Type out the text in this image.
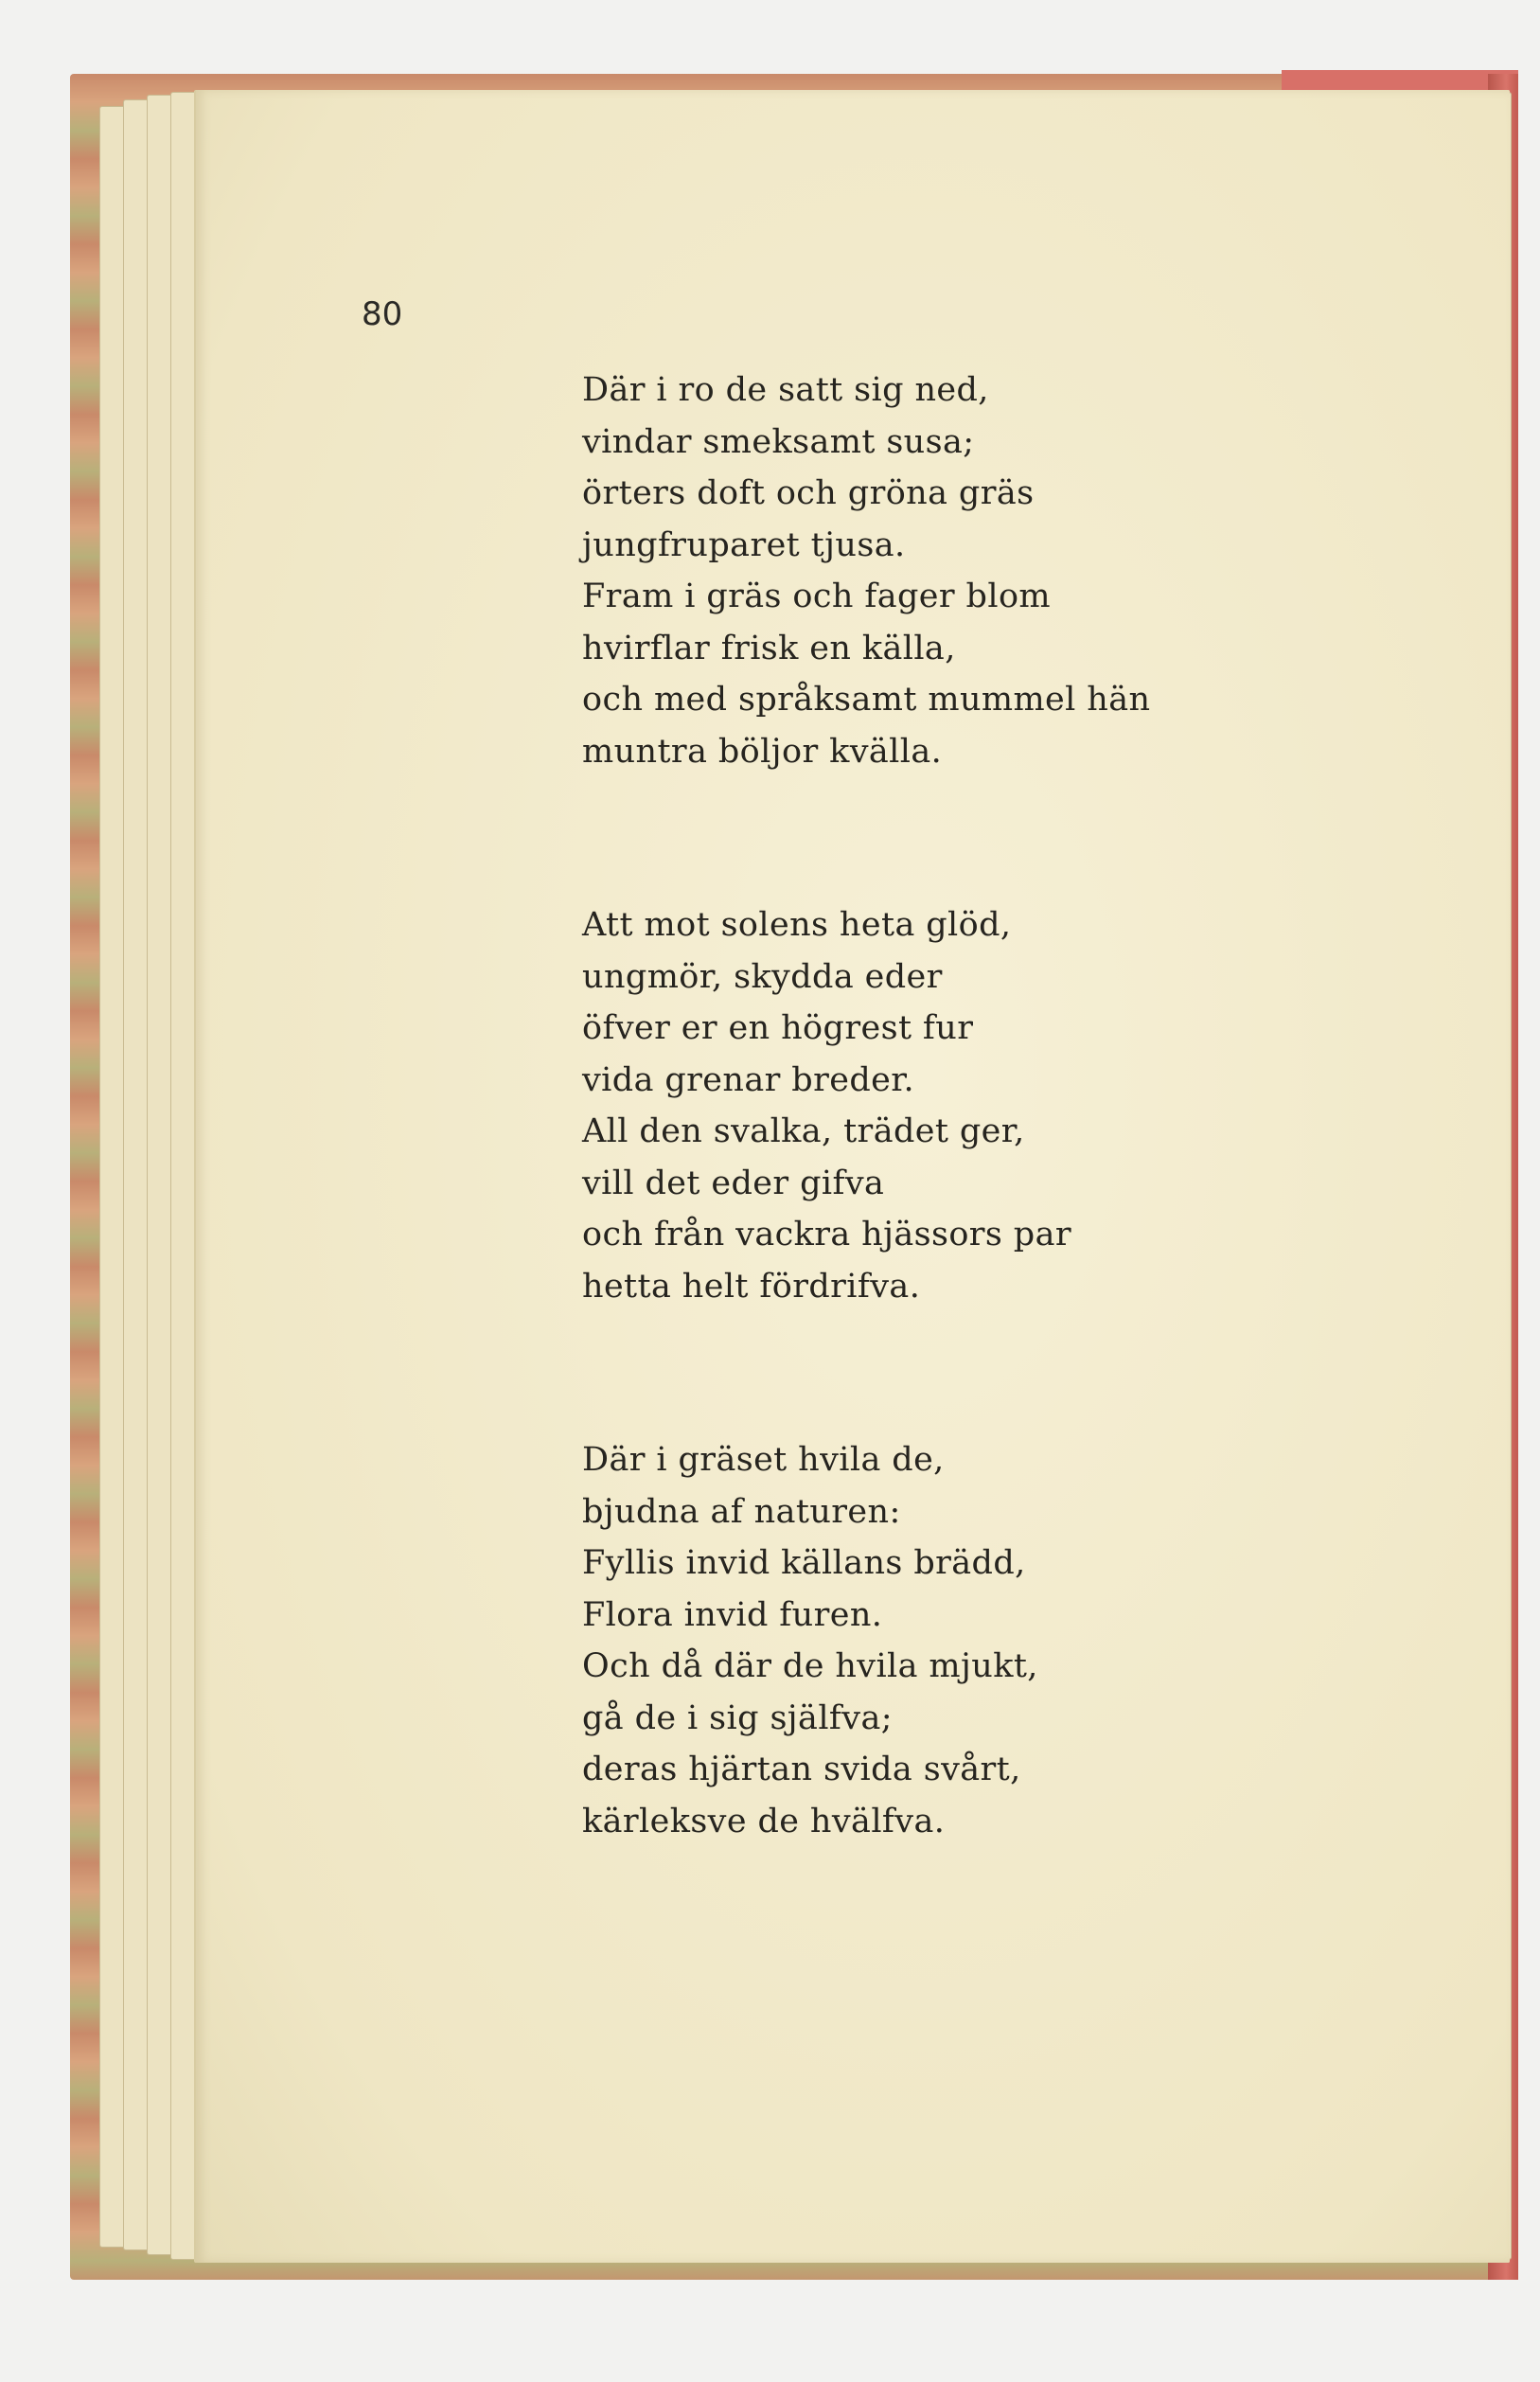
80

Där i ro de satt sig ned,
vindar smeksamt susa;
örters doft och gröna gräs
jungfruparet tjusa.
Fram i gräs och fager blom
hvirflar frisk en källa,
och med språksamt mummel hän
muntra böljor kvälla.
Att mot solens heta glöd,
ungmör, skydda eder
öfver er en högrest fur
vida grenar breder.
All den svalka, trädet ger,
vill det eder gifva
och från vackra hjässors par
hetta helt fördrifva.
Där i gräset hvila de,
bjudna af naturen:
Fyllis invid källans brädd,
Flora invid furen.
Och då där de hvila mjukt,
gå de i sig själfva;
deras hjärtan svida svårt,
kärleksve de hvälfva.
